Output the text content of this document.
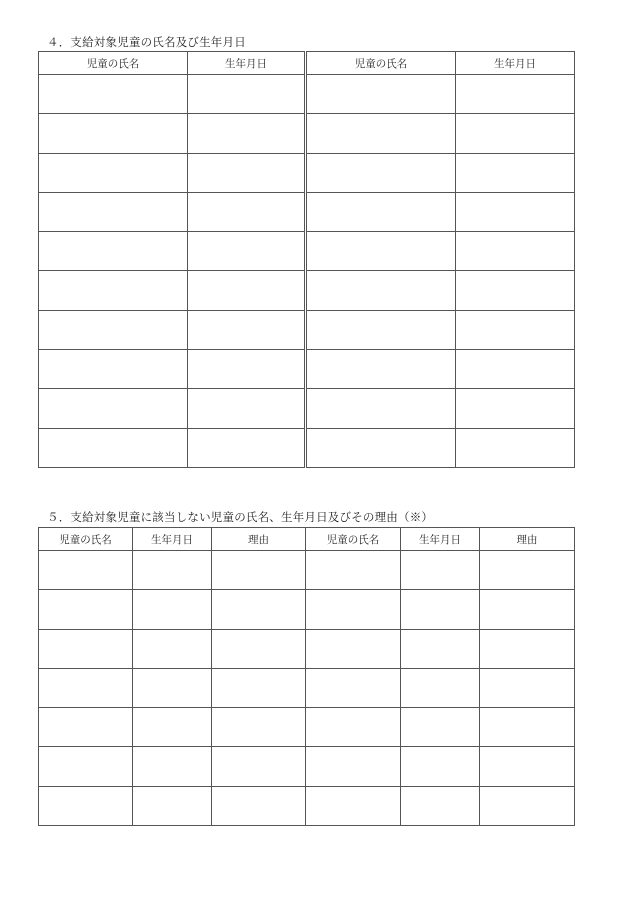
４．支給対象児童の氏名及び生年月日
児童の氏名	生年月日	児童の氏名	生年月日

５．支給対象児童に該当しない児童の氏名、生年月日及びその理由（※）
児童の氏名	生年月日	理由	児童の氏名	生年月日	理由
